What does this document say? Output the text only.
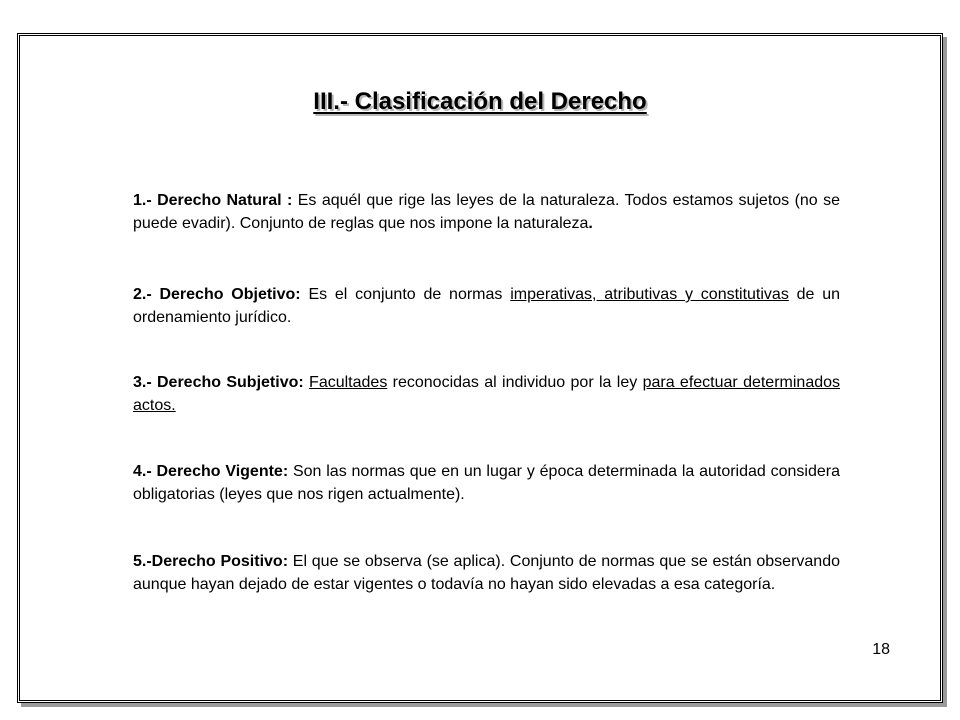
III.- Clasificación del Derecho

1.- Derecho Natural : Es aquél que rige las leyes de la naturaleza. Todos estamos sujetos (no se puede evadir). Conjunto de reglas que nos impone la naturaleza.

2.- Derecho Objetivo: Es el conjunto de normas imperativas, atributivas y constitutivas de un ordenamiento jurídico.

3.- Derecho Subjetivo: Facultades reconocidas al individuo por la ley para efectuar determinados actos.

4.- Derecho Vigente: Son las normas que en un lugar y época determinada la autoridad considera obligatorias (leyes que nos rigen actualmente).

5.-Derecho Positivo: El que se observa (se aplica). Conjunto de normas que se están observando aunque hayan dejado de estar vigentes o todavía no hayan sido elevadas a esa categoría.

18
